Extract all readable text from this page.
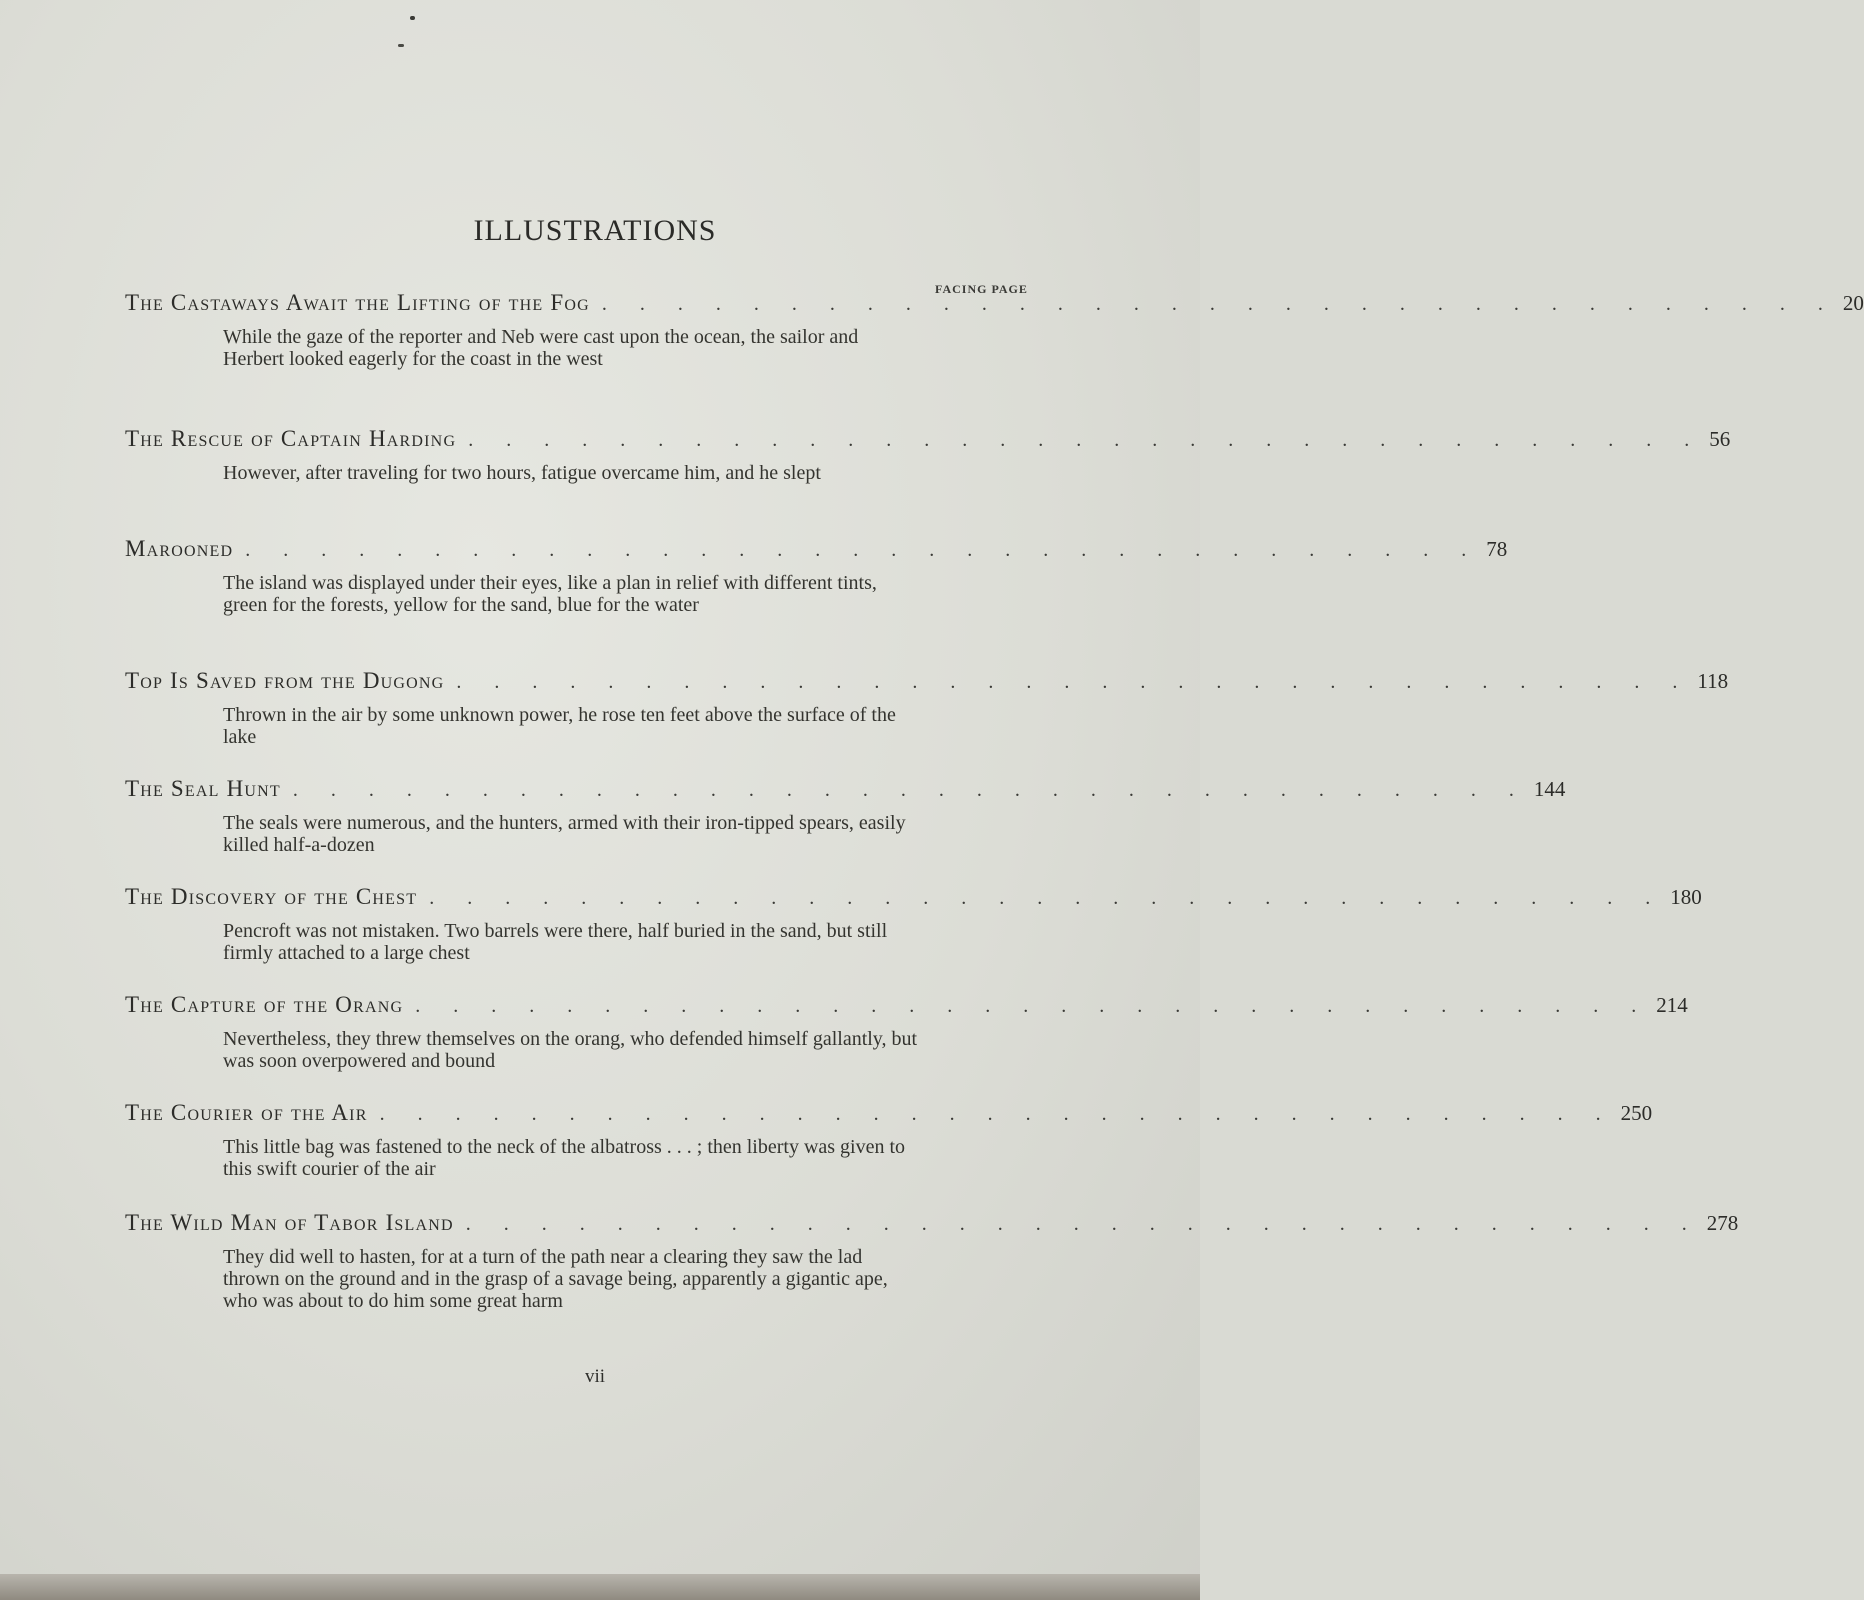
ILLUSTRATIONS
FACING PAGE
The Castaways Await the Lifting of the Fog . . . . . . . . . . . . . . . . . . . . . . . . . . . . . . . . . 20
While the gaze of the reporter and Neb were cast upon the ocean, the sailor and Herbert looked eagerly for the coast in the west
The Rescue of Captain Harding . . . . . . . . . . . . . . . . . . . . . . . . . . . . . . . . . 56
However, after traveling for two hours, fatigue overcame him, and he slept
Marooned . . . . . . . . . . . . . . . . . . . . . . . . . . . . . . . . . 78
The island was displayed under their eyes, like a plan in relief with different tints, green for the forests, yellow for the sand, blue for the water
Top Is Saved from the Dugong . . . . . . . . . . . . . . . . . . . . . . . . . . . . . . . . . 118
Thrown in the air by some unknown power, he rose ten feet above the surface of the lake
The Seal Hunt . . . . . . . . . . . . . . . . . . . . . . . . . . . . . . . . . 144
The seals were numerous, and the hunters, armed with their iron-tipped spears, easily killed half-a-dozen
The Discovery of the Chest . . . . . . . . . . . . . . . . . . . . . . . . . . . . . . . . . 180
Pencroft was not mistaken. Two barrels were there, half buried in the sand, but still firmly attached to a large chest
The Capture of the Orang . . . . . . . . . . . . . . . . . . . . . . . . . . . . . . . . . 214
Nevertheless, they threw themselves on the orang, who defended himself gallantly, but was soon overpowered and bound
The Courier of the Air . . . . . . . . . . . . . . . . . . . . . . . . . . . . . . . . . 250
This little bag was fastened to the neck of the albatross . . . ; then liberty was given to this swift courier of the air
The Wild Man of Tabor Island . . . . . . . . . . . . . . . . . . . . . . . . . . . . . . . . . 278
They did well to hasten, for at a turn of the path near a clearing they saw the lad thrown on the ground and in the grasp of a savage being, apparently a gigantic ape, who was about to do him some great harm
vii
